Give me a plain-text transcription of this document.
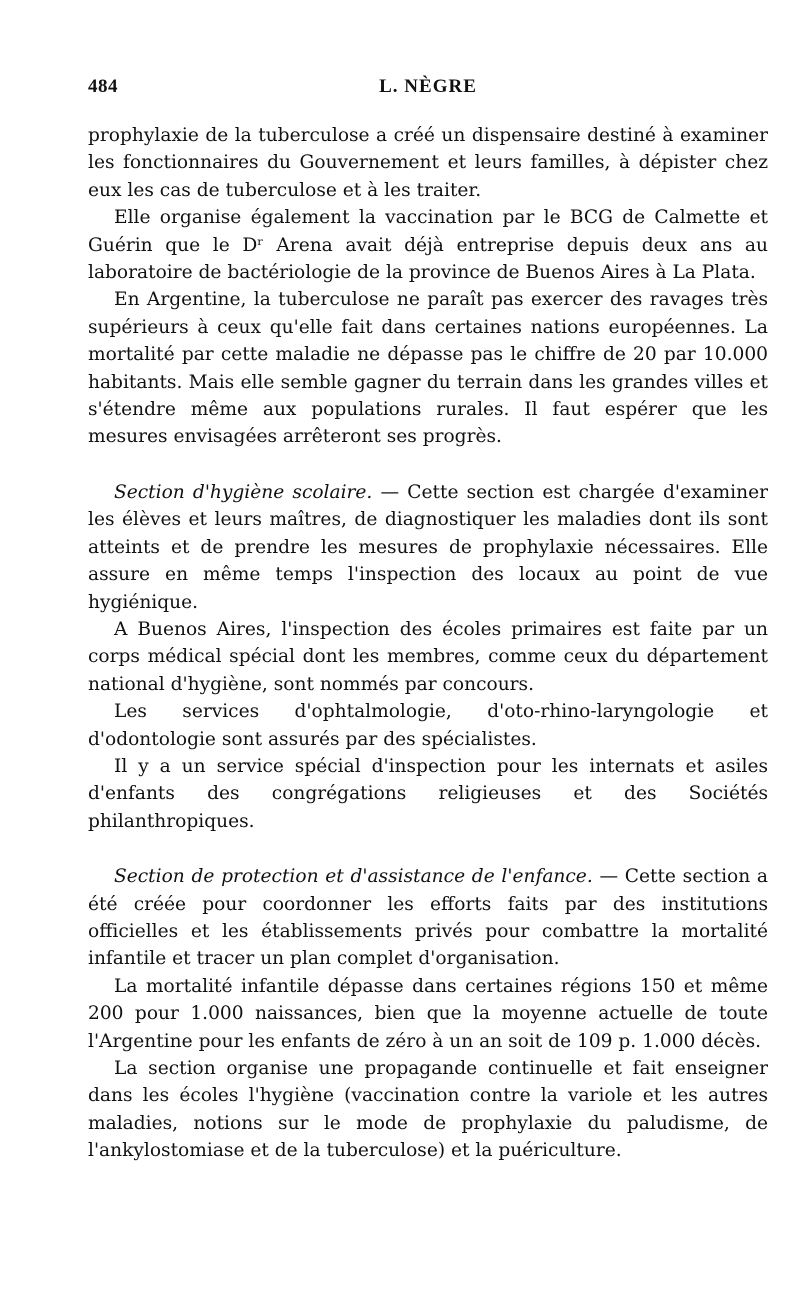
484	L. NÈGRE

prophylaxie de la tuberculose a créé un dispensaire destiné à examiner les fonctionnaires du Gouvernement et leurs familles, à dépister chez eux les cas de tuberculose et à les traiter.

Elle organise également la vaccination par le BCG de Calmette et Guérin que le Dʳ Arena avait déjà entreprise depuis deux ans au laboratoire de bactériologie de la province de Buenos Aires à La Plata.

En Argentine, la tuberculose ne paraît pas exercer des ravages très supérieurs à ceux qu'elle fait dans certaines nations européennes. La mortalité par cette maladie ne dépasse pas le chiffre de 20 par 10.000 habitants. Mais elle semble gagner du terrain dans les grandes villes et s'étendre même aux populations rurales. Il faut espérer que les mesures envisagées arrêteront ses progrès.

Section d'hygiène scolaire. — Cette section est chargée d'examiner les élèves et leurs maîtres, de diagnostiquer les maladies dont ils sont atteints et de prendre les mesures de prophylaxie nécessaires. Elle assure en même temps l'inspection des locaux au point de vue hygiénique.

A Buenos Aires, l'inspection des écoles primaires est faite par un corps médical spécial dont les membres, comme ceux du département national d'hygiène, sont nommés par concours.

Les services d'ophtalmologie, d'oto-rhino-laryngologie et d'odontologie sont assurés par des spécialistes.

Il y a un service spécial d'inspection pour les internats et asiles d'enfants des congrégations religieuses et des Sociétés philanthropiques.

Section de protection et d'assistance de l'enfance. — Cette section a été créée pour coordonner les efforts faits par des institutions officielles et les établissements privés pour combattre la mortalité infantile et tracer un plan complet d'organisation.

La mortalité infantile dépasse dans certaines régions 150 et même 200 pour 1.000 naissances, bien que la moyenne actuelle de toute l'Argentine pour les enfants de zéro à un an soit de 109 p. 1.000 décès.

La section organise une propagande continuelle et fait enseigner dans les écoles l'hygiène (vaccination contre la variole et les autres maladies, notions sur le mode de prophylaxie du paludisme, de l'ankylostomiase et de la tuberculose) et la puériculture.
